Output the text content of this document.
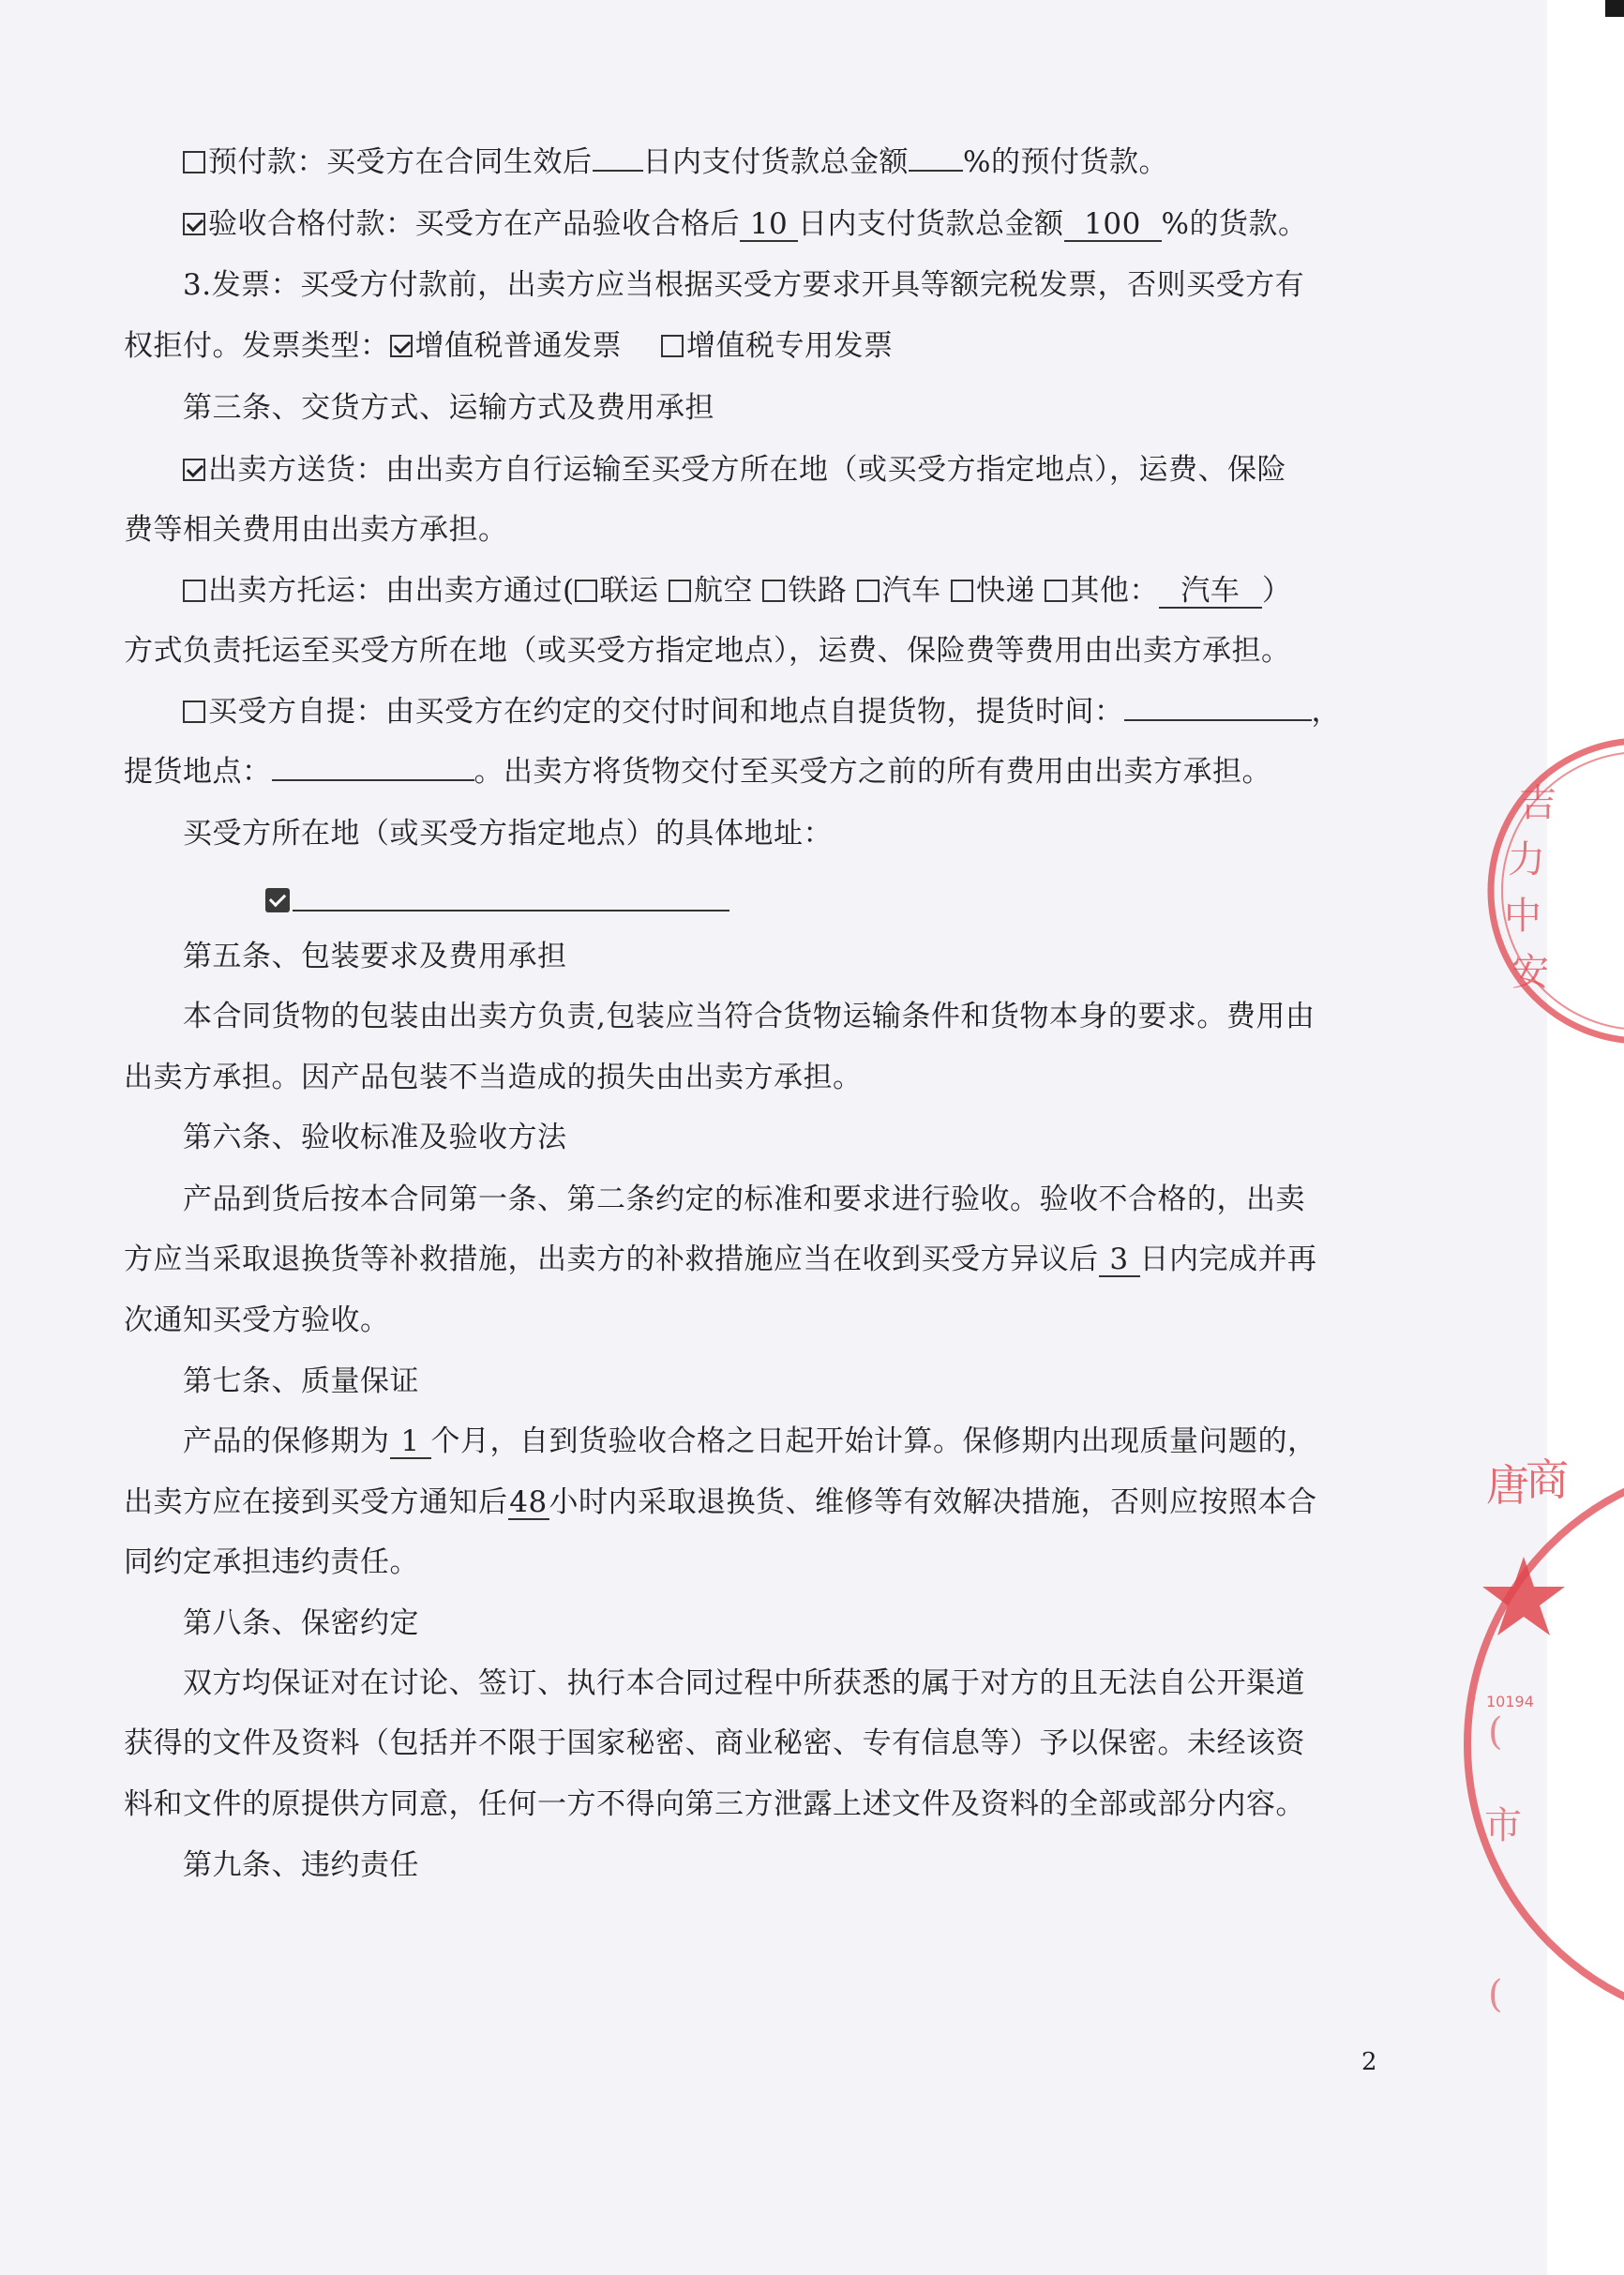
预付款：买受方在合同生效后 日内支付货款总金额 %的预付货款。
验收合格付款：买受方在产品验收合格后 10 日内支付货款总金额 100 %的货款。
3.发票：买受方付款前，出卖方应当根据买受方要求开具等额完税发票，否则买受方有
权拒付。发票类型： 增值税普通发票 增值税专用发票
第三条、交货方式、运输方式及费用承担
出卖方送货：由出卖方自行运输至买受方所在地（或买受方指定地点），运费、保险
费等相关费用由出卖方承担。
出卖方托运：由出卖方通过( 联运 航空 铁路 汽车 快递 其他： 汽车 ）
方式负责托运至买受方所在地（或买受方指定地点），运费、保险费等费用由出卖方承担。
买受方自提：由买受方在约定的交付时间和地点自提货物，提货时间：	，
提货地点：	。出卖方将货物交付至买受方之前的所有费用由出卖方承担。
买受方所在地（或买受方指定地点）的具体地址：
第五条、包装要求及费用承担
本合同货物的包装由出卖方负责,包装应当符合货物运输条件和货物本身的要求。费用由
出卖方承担。因产品包装不当造成的损失由出卖方承担。
第六条、验收标准及验收方法
产品到货后按本合同第一条、第二条约定的标准和要求进行验收。验收不合格的，出卖
方应当采取退换货等补救措施，出卖方的补救措施应当在收到买受方异议后 3 日内完成并再
次通知买受方验收。
第七条、质量保证
产品的保修期为 1 个月，自到货验收合格之日起开始计算。保修期内出现质量问题的，
出卖方应在接到买受方通知后48小时内采取退换货、维修等有效解决措施，否则应按照本合
同约定承担违约责任。
第八条、保密约定
双方均保证对在讨论、签订、执行本合同过程中所获悉的属于对方的且无法自公开渠道
获得的文件及资料（包括并不限于国家秘密、商业秘密、专有信息等）予以保密。未经该资
料和文件的原提供方同意，任何一方不得向第三方泄露上述文件及资料的全部或部分内容。
第九条、违约责任
2
吉
力
中
安
唐
商
10194
(
市
(
